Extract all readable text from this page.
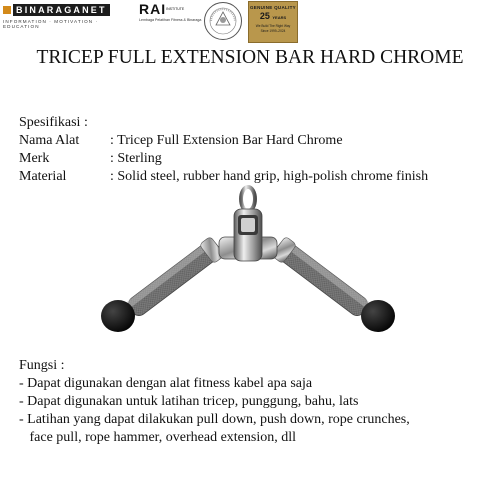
BINARAGANET
INFORMATION · MOTIVATION · EDUCATION
$RAI^{INSTITUTE}$
Lembaga Pelatihan Fitness & Binaraga
GENUINE QUALITY
25 YEARS
We Build The Right Way
Since 1999–2024
TRICEP FULL EXTENSION BAR HARD CHROME
Spesifikasi :
Nama Alat	: Tricep Full Extension Bar Hard Chrome
Merk	: Sterling
Material	: Solid steel, rubber hand grip, high-polish chrome finish
Fungsi :
- Dapat digunakan dengan alat fitness kabel apa saja
- Dapat digunakan untuk latihan tricep, punggung, bahu, lats
- Latihan yang dapat dilakukan pull down, push down, rope crunches,
face pull, rope hammer, overhead extension, dll
